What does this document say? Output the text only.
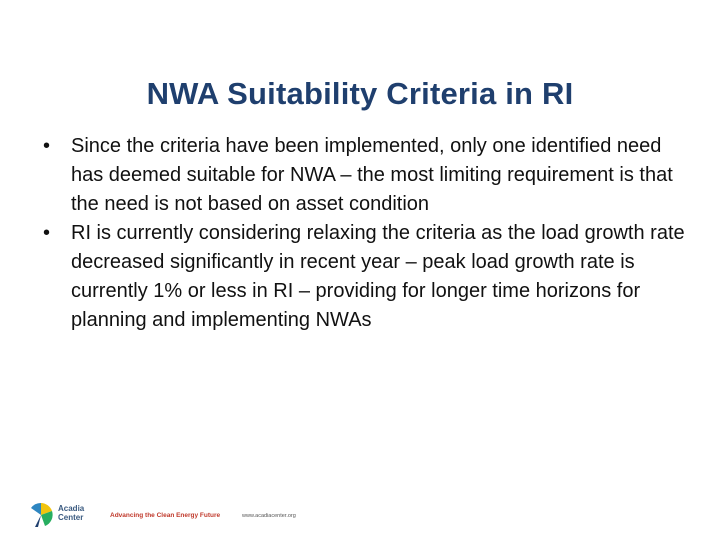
NWA Suitability Criteria in RI
• Since the criteria have been implemented, only one identified need has deemed suitable for NWA – the most limiting requirement is that the need is not based on asset condition
• RI is currently considering relaxing the criteria as the load growth rate decreased significantly in recent year – peak load growth rate is currently 1% or less in RI – providing for longer time horizons for planning and implementing NWAs
Acadia
Center	Advancing the Clean Energy Future	www.acadiacenter.org
